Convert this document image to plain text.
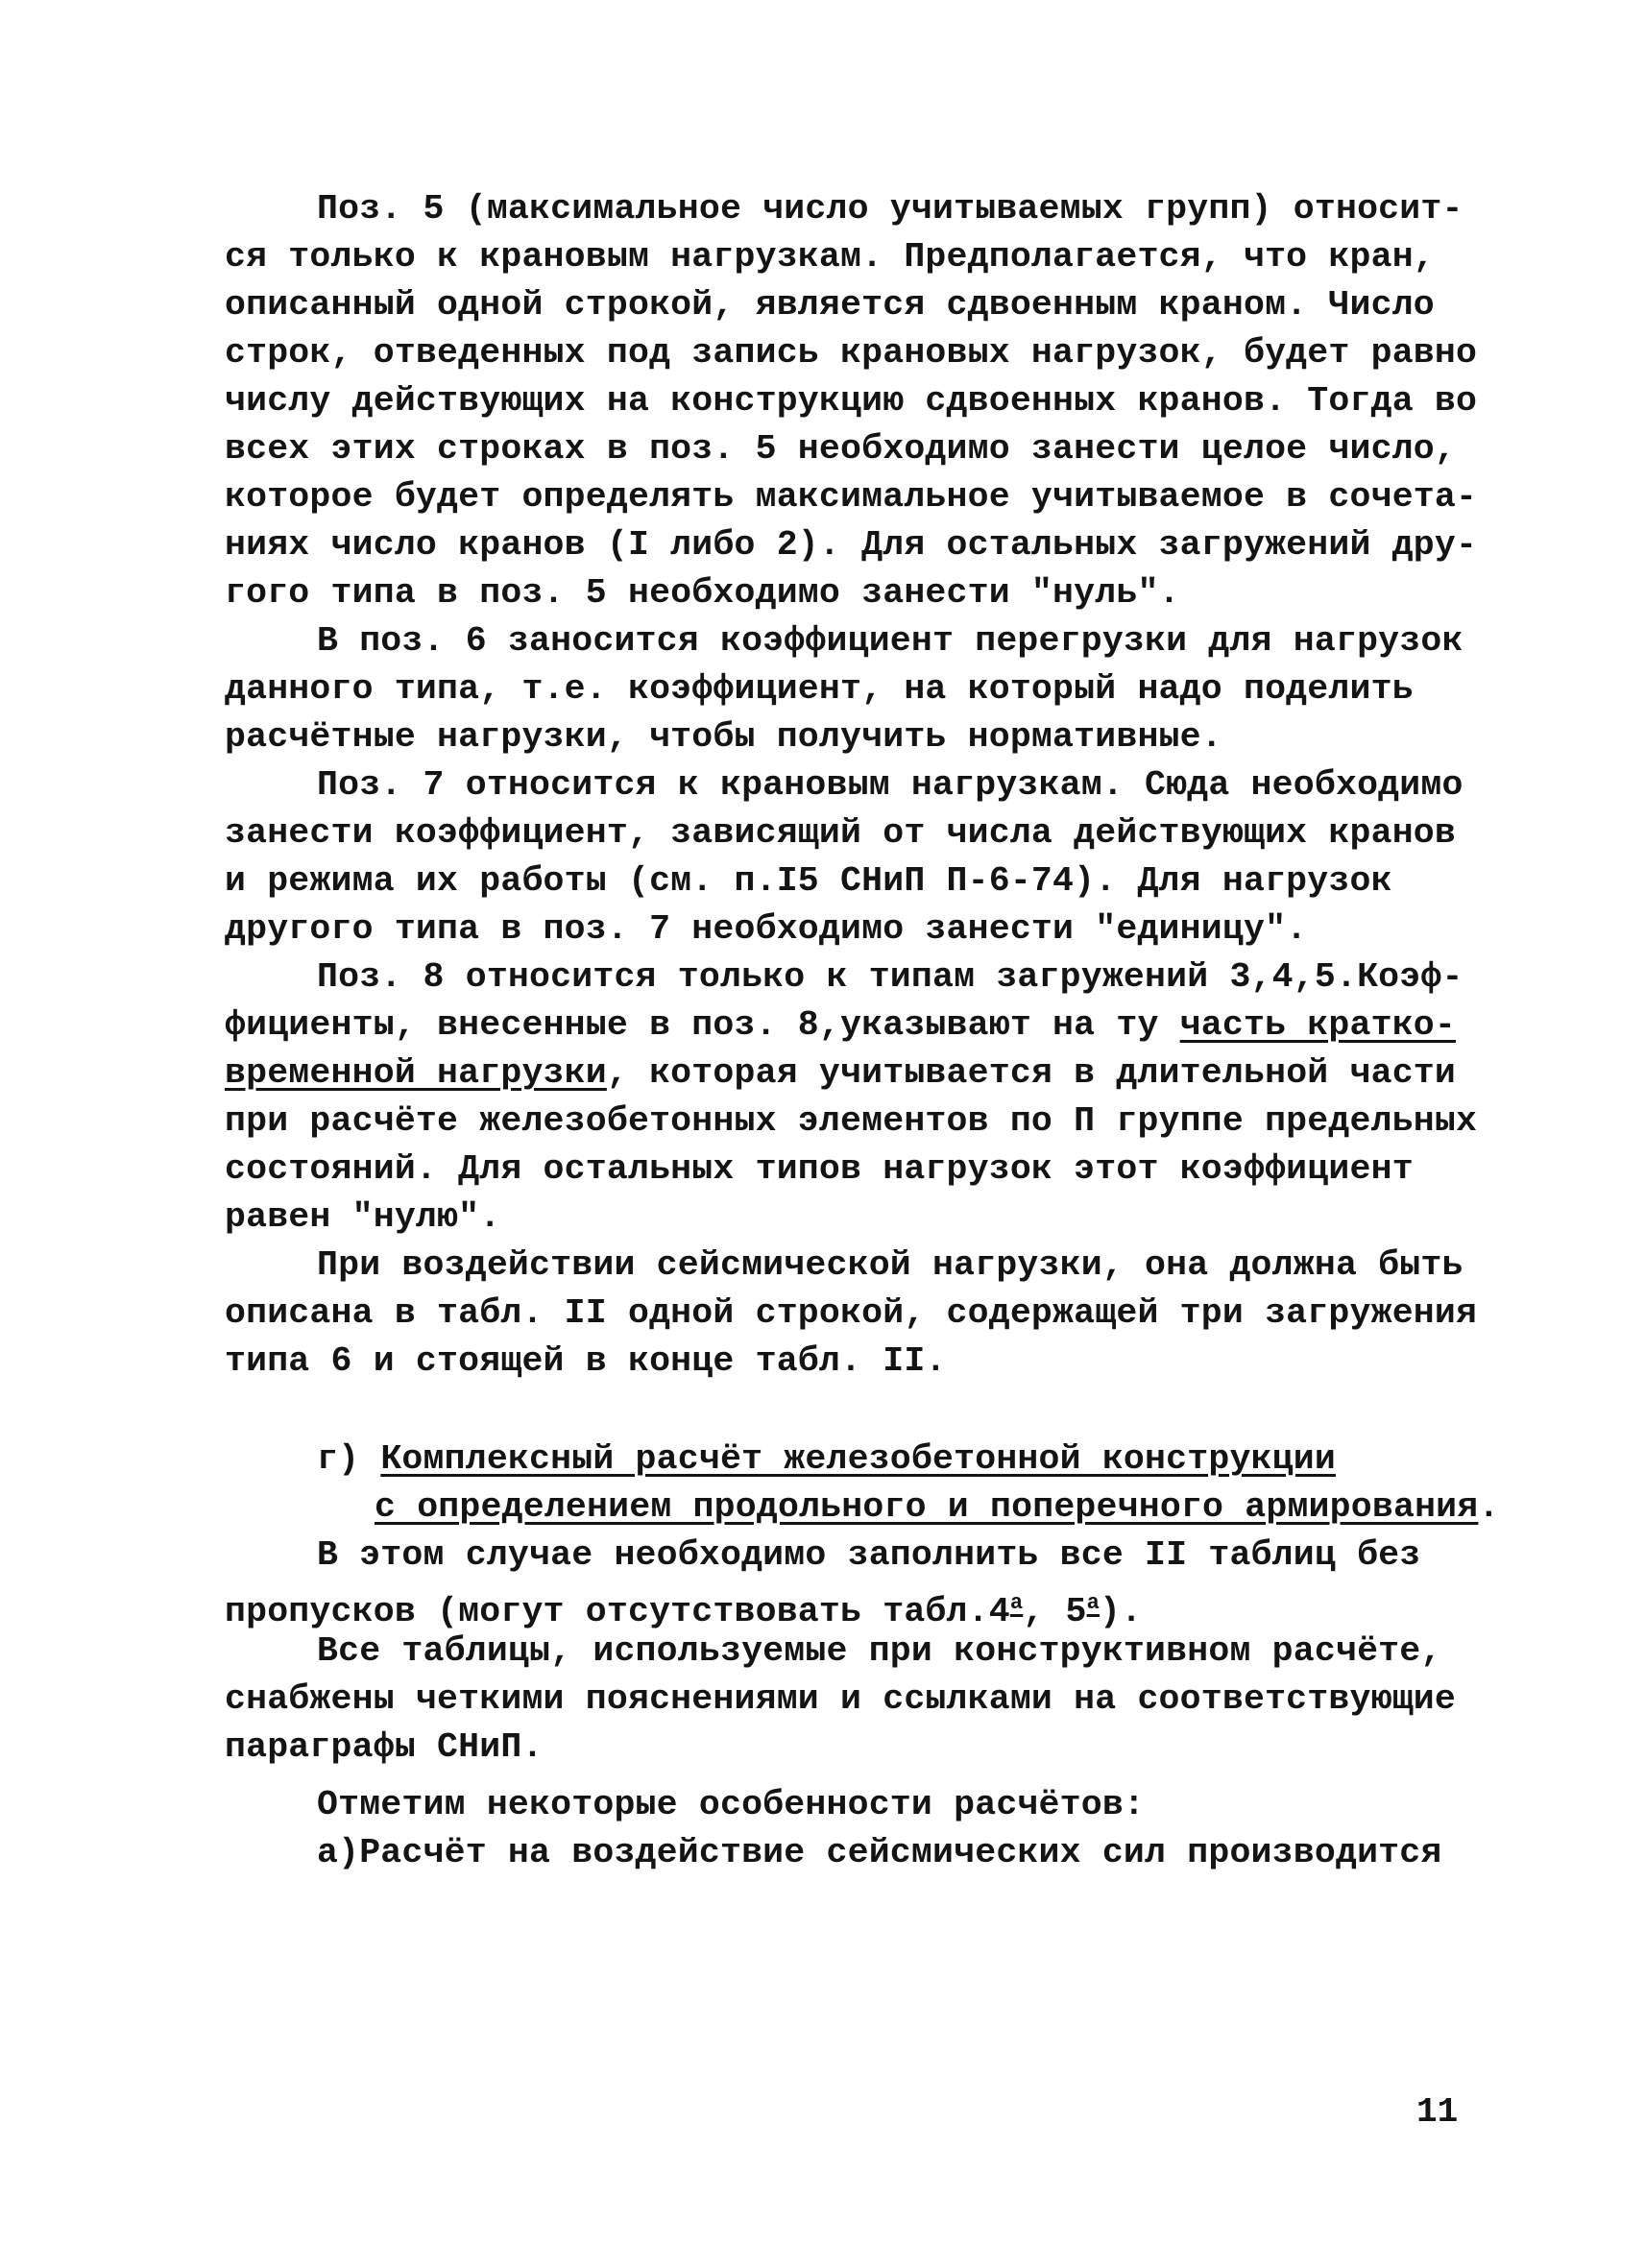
Поз. 5 (максимальное число учитываемых групп) относит-
ся только к крановым нагрузкам. Предполагается, что кран,
описанный одной строкой, является сдвоенным краном. Число
строк, отведенных под запись крановых нагрузок, будет равно
числу действующих на конструкцию сдвоенных кранов. Тогда во
всех этих строках в поз. 5 необходимо занести целое число,
которое будет определять максимальное учитываемое в сочета-
ниях число кранов (I либо 2). Для остальных загружений дру-
гого типа в поз. 5 необходимо занести "нуль".
В поз. 6 заносится коэффициент перегрузки для нагрузок
данного типа, т.е. коэффициент, на который надо поделить
расчётные нагрузки, чтобы получить нормативные.
Поз. 7 относится к крановым нагрузкам. Сюда необходимо
занести коэффициент, зависящий от числа действующих кранов
и режима их работы (см. п.I5 СНиП П-6-74). Для нагрузок
другого типа в поз. 7 необходимо занести "единицу".
Поз. 8 относится только к типам загружений 3,4,5.Коэф-
фициенты, внесенные в поз. 8,указывают на ту часть кратко-
временной нагрузки, которая учитывается в длительной части
при расчёте железобетонных элементов по П группе предельных
состояний. Для остальных типов нагрузок этот коэффициент
равен "нулю".
При воздействии сейсмической нагрузки, она должна быть
описана в табл. II одной строкой, содержащей три загружения
типа 6 и стоящей в конце табл. II.
г) Комплексный расчёт железобетонной конструкции
с определением продольного и поперечного армирования.
В этом случае необходимо заполнить все II таблиц без
пропусков (могут отсутствовать $табл.4^а$, $5^а$).
Все таблицы, используемые при конструктивном расчёте,
снабжены четкими пояснениями и ссылками на соответствующие
параграфы СНиП.
Отметим некоторые особенности расчётов:
а)Расчёт на воздействие сейсмических сил производится
11
